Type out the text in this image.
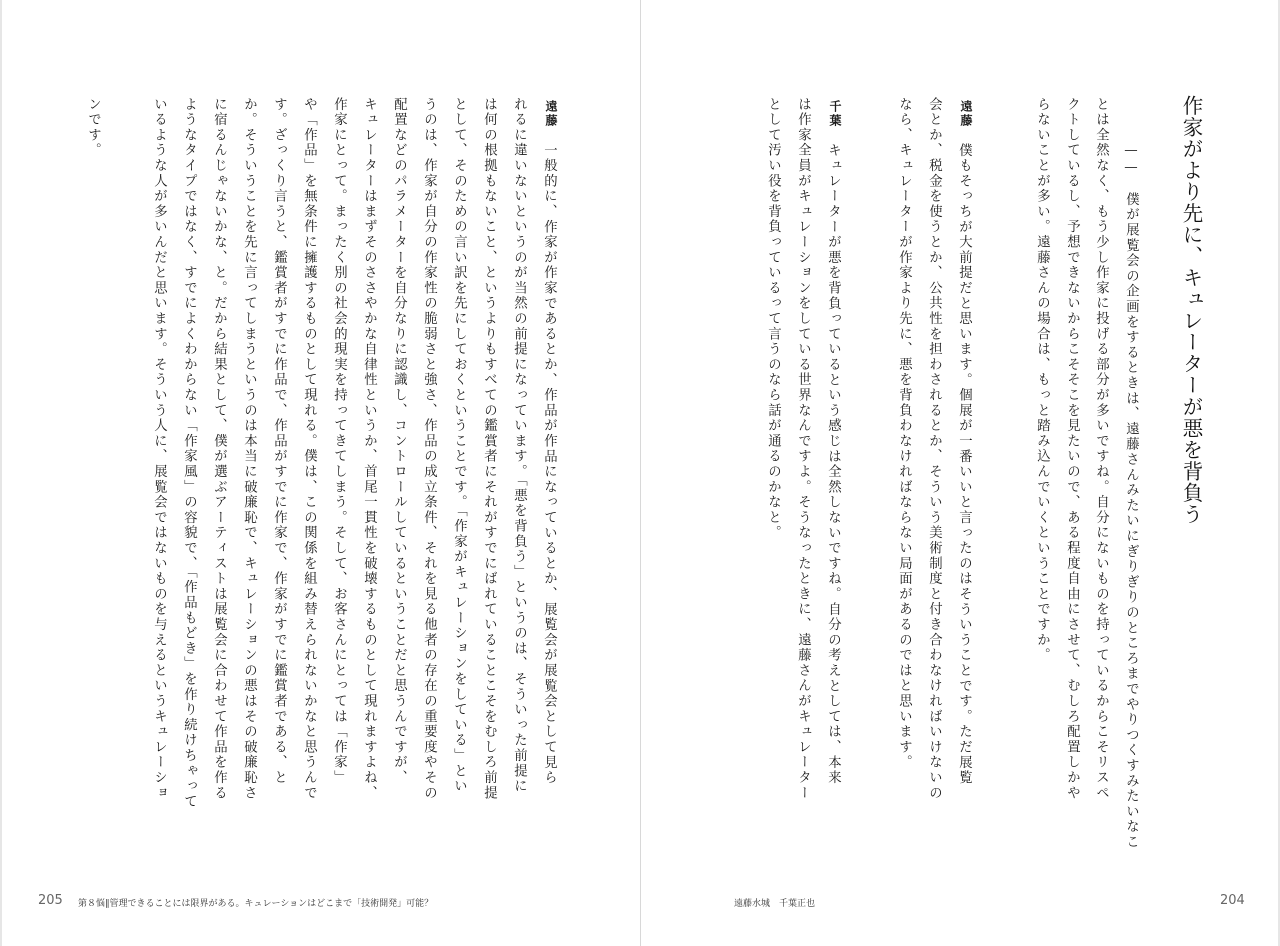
作家がより先に、キュレーターが悪を背負う
——　僕が展覧会の企画をするときは、遠藤さんみたいにぎりぎりのところまでやりつくすみたいなこ
とは全然なく、もう少し作家に投げる部分が多いですね。自分にないものを持っているからこそリスペ
クトしているし、予想できないからこそそこを見たいので、ある程度自由にさせて、むしろ配置しかや
らないことが多い。遠藤さんの場合は、もっと踏み込んでいくということですか。
遠藤
僕もそっちが大前提だと思います。個展が一番いいと言ったのはそういうことです。ただ展覧
会とか、税金を使うとか、公共性を担わされるとか、そういう美術制度と付き合わなければいけないの
なら、キュレーターが作家より先に、悪を背負わなければならない局面があるのではと思います。
千葉
キュレーターが悪を背負っているという感じは全然しないですね。自分の考えとしては、本来
は作家全員がキュレーションをしている世界なんですよ。そうなったときに、遠藤さんがキュレーター
として汚い役を背負っているって言うのなら話が通るのかなと。
遠藤水城　千葉正也	204
遠藤
一般的に、作家が作家であるとか、作品が作品になっているとか、展覧会が展覧会として見ら
れるに違いないというのが当然の前提になっています。「悪を背負う」というのは、そういった前提に
は何の根拠もないこと、というよりもすべての鑑賞者にそれがすでにばれていることこそをむしろ前提
として、そのための言い訳を先にしておくということです。「作家がキュレーションをしている」とい
うのは、作家が自分の作家性の脆弱さと強さ、作品の成立条件、それを見る他者の存在の重要度やその
配置などのパラメーターを自分なりに認識し、コントロールしているということだと思うんですが、
キュレーターはまずそのささやかな自律性というか、首尾一貫性を破壊するものとして現れますよね、
作家にとって。まったく別の社会的現実を持ってきてしまう。そして、お客さんにとっては「作家」
や「作品」を無条件に擁護するものとして現れる。僕は、この関係を組み替えられないかなと思うんで
す。ざっくり言うと、鑑賞者がすでに作品で、作品がすでに作家で、作家がすでに鑑賞者である、と
か。そういうことを先に言ってしまうというのは本当に破廉恥で、キュレーションの悪はその破廉恥さ
に宿るんじゃないかな、と。だから結果として、僕が選ぶアーティストは展覧会に合わせて作品を作る
ようなタイプではなく、すでによくわからない「作家風」の容貌で、「作品もどき」を作り続けちゃって
いるような人が多いんだと思います。そういう人に、展覧会ではないものを与えるというキュレーショ
ンです。
205 第８悩∥管理できることには限界がある。キュレーションはどこまで「技術開発」可能？
